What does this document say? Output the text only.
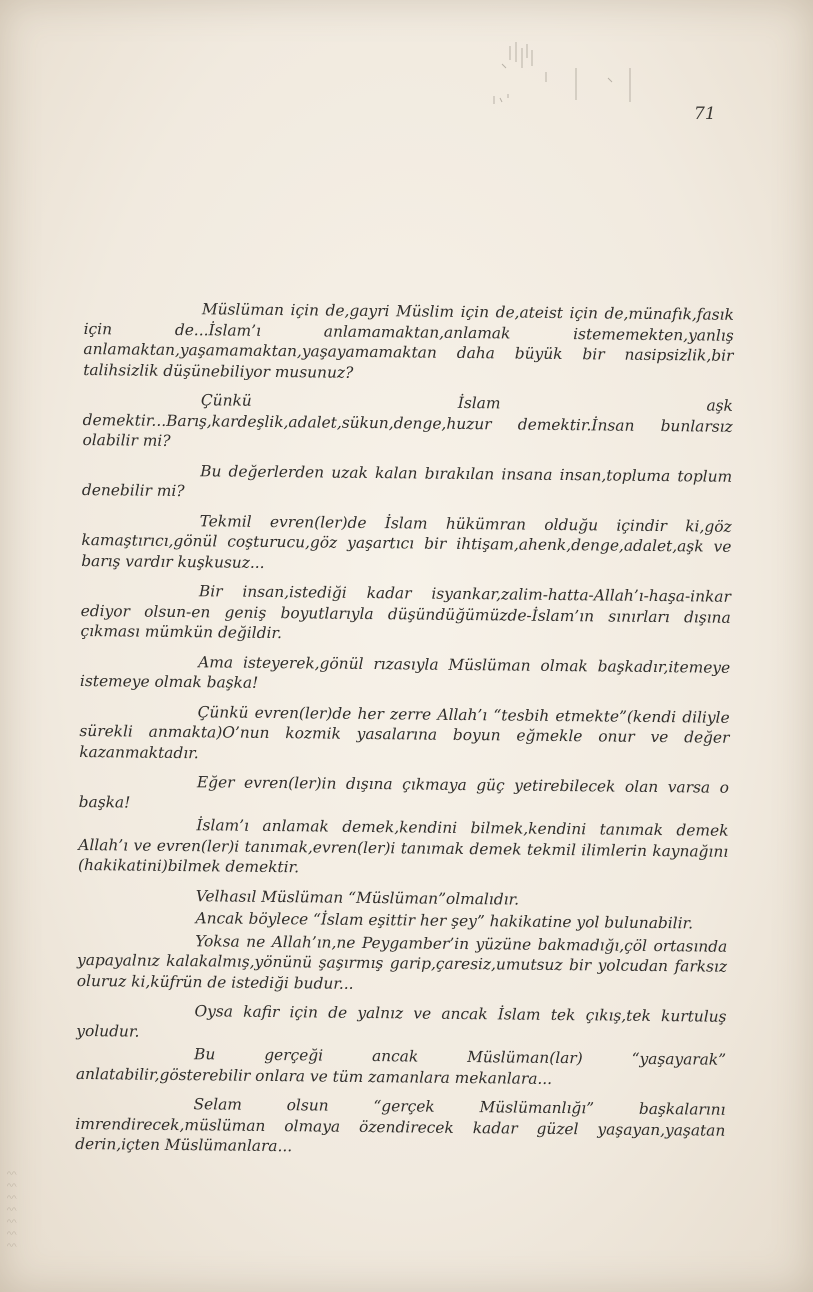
71

Müslüman için de,gayri Müslim için de,ateist için de,münafık,fasık için de...İslam’ı anlamamaktan,anlamak istememekten,yanlış anlamaktan,yaşamamaktan,yaşayamamaktan daha büyük bir nasipsizlik,bir talihsizlik düşünebiliyor musunuz?

Çünkü İslam aşk demektir...Barış,kardeşlik,adalet,sükun,denge,huzur demektir.İnsan bunlarsız olabilir mi?

Bu değerlerden uzak kalan bırakılan insana insan,topluma toplum denebilir mi?

Tekmil evren(ler)de İslam hükümran olduğu içindir ki,göz kamaştırıcı,gönül coşturucu,göz yaşartıcı bir ihtişam,ahenk,denge,adalet,aşk ve barış vardır kuşkusuz...

Bir insan,istediği kadar isyankar,zalim-hatta-Allah’ı-haşa-inkar ediyor olsun-en geniş boyutlarıyla düşündüğümüzde-İslam’ın sınırları dışına çıkması mümkün değildir.

Ama isteyerek,gönül rızasıyla Müslüman olmak başkadır,itemeye istemeye olmak başka!

Çünkü evren(ler)de her zerre Allah’ı “tesbih etmekte”(kendi diliyle sürekli anmakta)O’nun kozmik yasalarına boyun eğmekle onur ve değer kazanmaktadır.

Eğer evren(ler)in dışına çıkmaya güç yetirebilecek olan varsa o başka!

İslam’ı anlamak demek,kendini bilmek,kendini tanımak demek Allah’ı ve evren(ler)i tanımak,evren(ler)i tanımak demek tekmil ilimlerin kaynağını (hakikatini)bilmek demektir.

Velhasıl Müslüman “Müslüman”olmalıdır.

Ancak böylece “İslam eşittir her şey” hakikatine yol bulunabilir.

Yoksa ne Allah’ın,ne Peygamber’in yüzüne bakmadığı,çöl ortasında yapayalnız kalakalmış,yönünü şaşırmış garip,çaresiz,umutsuz bir yolcudan farksız oluruz ki,küfrün de istediği budur...

Oysa kafir için de yalnız ve ancak İslam tek çıkış,tek kurtuluş yoludur.

Bu gerçeği ancak Müslüman(lar) “yaşayarak” anlatabilir,gösterebilir onlara ve tüm zamanlara mekanlara...

Selam olsun “gerçek Müslümanlığı” başkalarını imrendirecek,müslüman olmaya özendirecek kadar güzel yaşayan,yaşatan derin,içten Müslümanlara...

〰〰〰〰〰〰〰
